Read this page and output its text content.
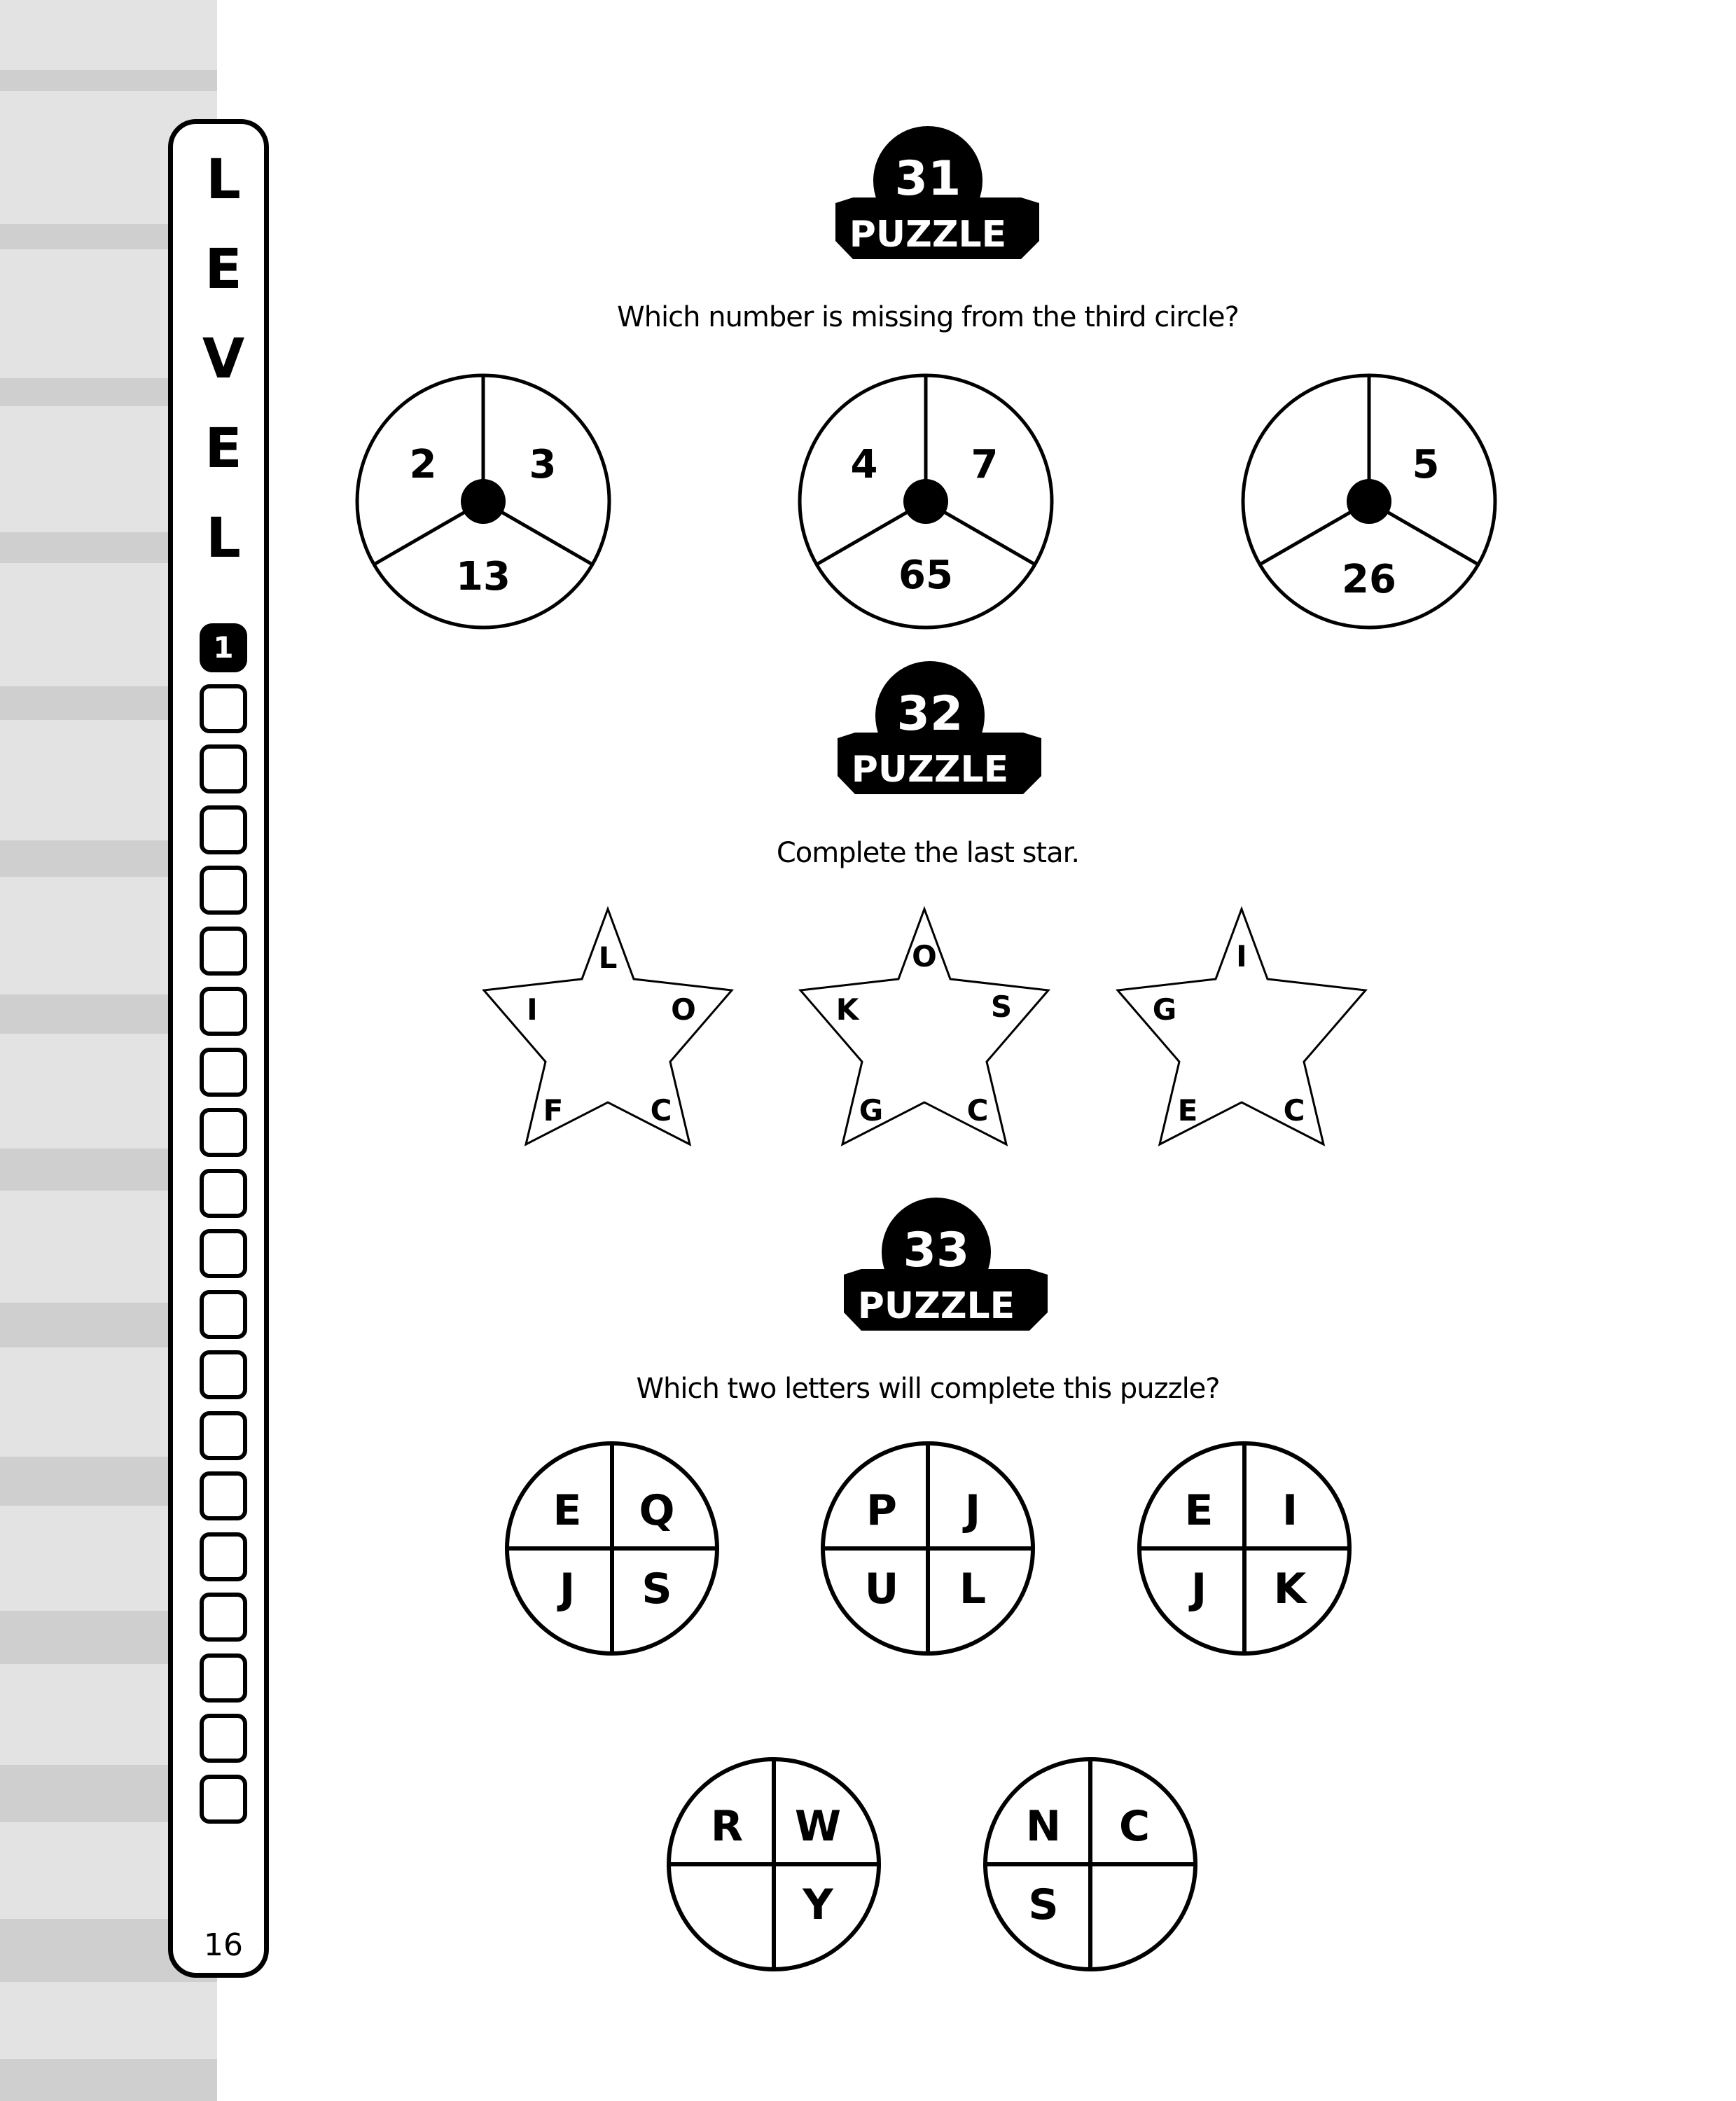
L
E
V
E
L
1
16
Which number is missing from the third circle?
Complete the last star.
Which two letters will complete this puzzle?
31
PUZZLE
2 3
13
4 7
65
5
26
32
PUZZLE
L
I	O
F	C
O
K	S
G	C
I
G
E	C
33
PUZZLE
E Q
J S
P J
U L
E I
J K
R W
Y
N C
S
